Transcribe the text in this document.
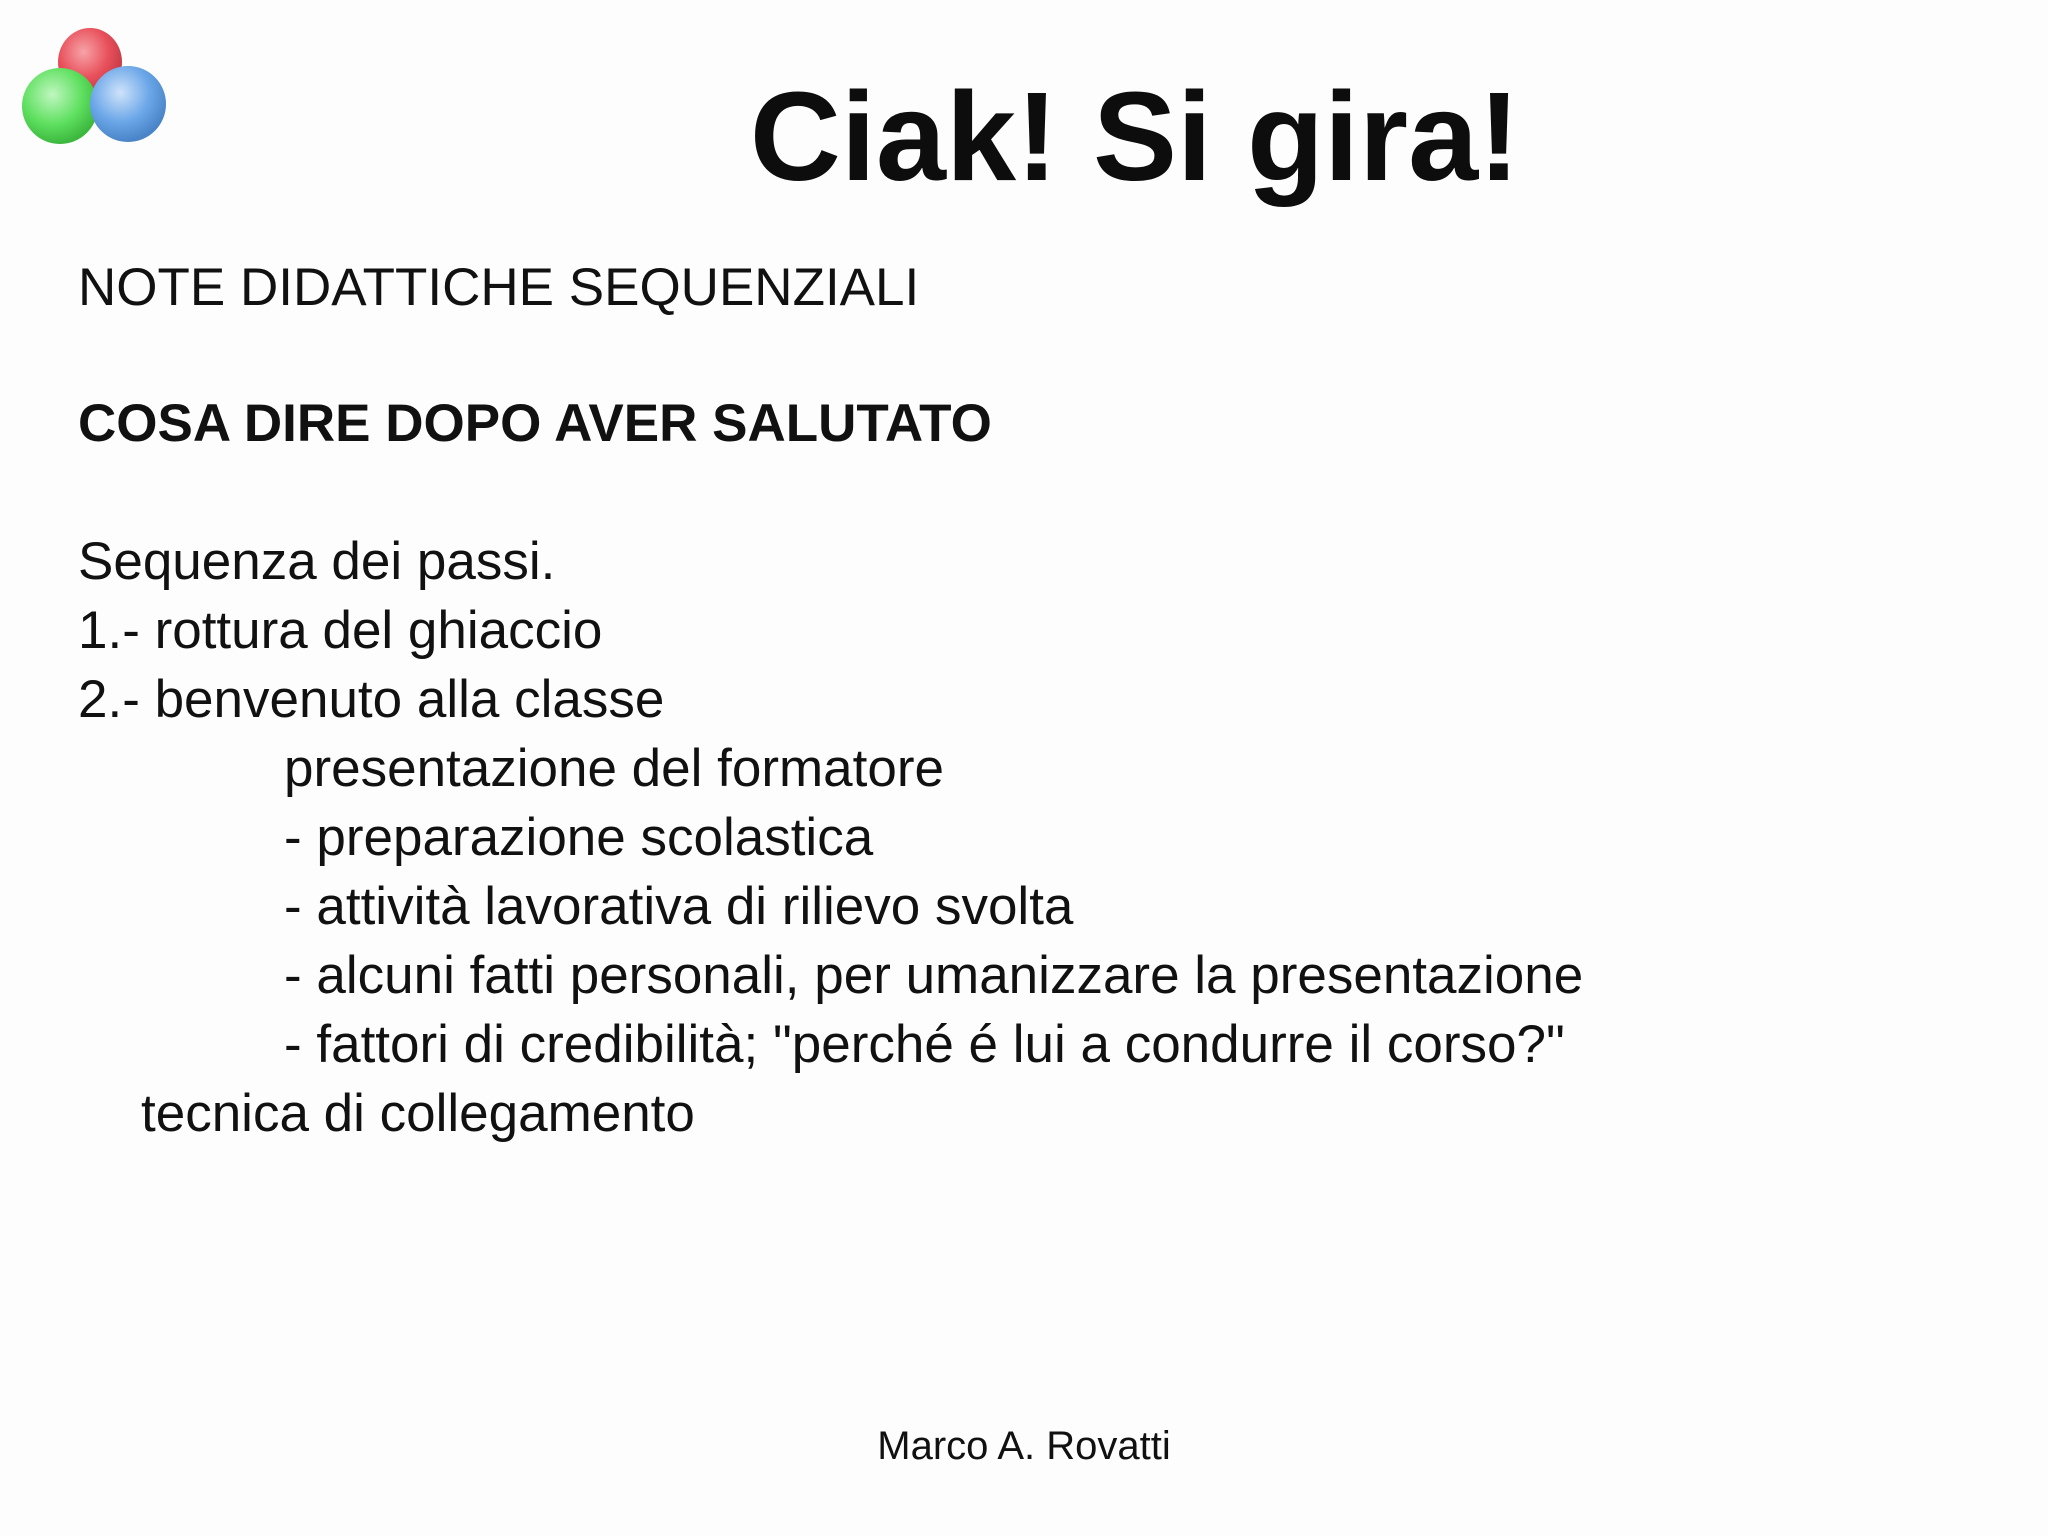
Ciak! Si gira!
NOTE DIDATTICHE SEQUENZIALI
COSA DIRE DOPO AVER SALUTATO
Sequenza dei passi.
1.- rottura del ghiaccio
2.- benvenuto alla classe
presentazione del formatore
- preparazione scolastica
- attività lavorativa di rilievo svolta
- alcuni fatti personali, per umanizzare la presentazione
- fattori di credibilità; "perché é lui a condurre il corso?"
tecnica di collegamento
Marco A. Rovatti
